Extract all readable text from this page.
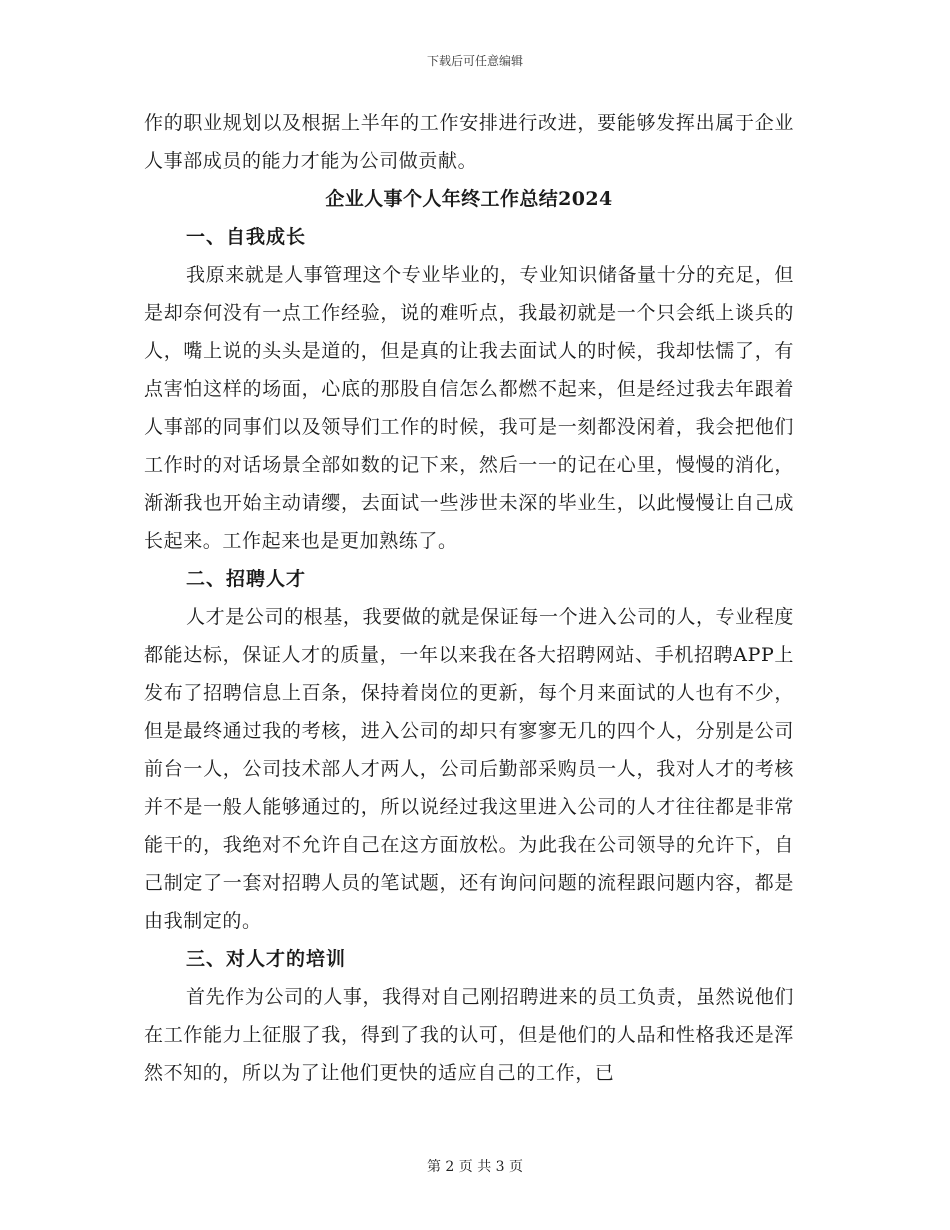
下载后可任意编辑

作的职业规划以及根据上半年的工作安排进行改进，要能够发挥出属于企业人事部成员的能力才能为公司做贡献。

企业人事个人年终工作总结2024

一、自我成长

我原来就是人事管理这个专业毕业的，专业知识储备量十分的充足，但是却奈何没有一点工作经验，说的难听点，我最初就是一个只会纸上谈兵的人，嘴上说的头头是道的，但是真的让我去面试人的时候，我却怯懦了，有点害怕这样的场面，心底的那股自信怎么都燃不起来，但是经过我去年跟着人事部的同事们以及领导们工作的时候，我可是一刻都没闲着，我会把他们工作时的对话场景全部如数的记下来，然后一一的记在心里，慢慢的消化，渐渐我也开始主动请缨，去面试一些涉世未深的毕业生，以此慢慢让自己成长起来。工作起来也是更加熟练了。

二、招聘人才

人才是公司的根基，我要做的就是保证每一个进入公司的人，专业程度都能达标，保证人才的质量，一年以来我在各大招聘网站、手机招聘APP上发布了招聘信息上百条，保持着岗位的更新，每个月来面试的人也有不少，但是最终通过我的考核，进入公司的却只有寥寥无几的四个人，分别是公司前台一人，公司技术部人才两人，公司后勤部采购员一人，我对人才的考核并不是一般人能够通过的，所以说经过我这里进入公司的人才往往都是非常能干的，我绝对不允许自己在这方面放松。为此我在公司领导的允许下，自己制定了一套对招聘人员的笔试题，还有询问问题的流程跟问题内容，都是由我制定的。

三、对人才的培训

首先作为公司的人事，我得对自己刚招聘进来的员工负责，虽然说他们在工作能力上征服了我，得到了我的认可，但是他们的人品和性格我还是浑然不知的，所以为了让他们更快的适应自己的工作，已

第 2 页 共 3 页
